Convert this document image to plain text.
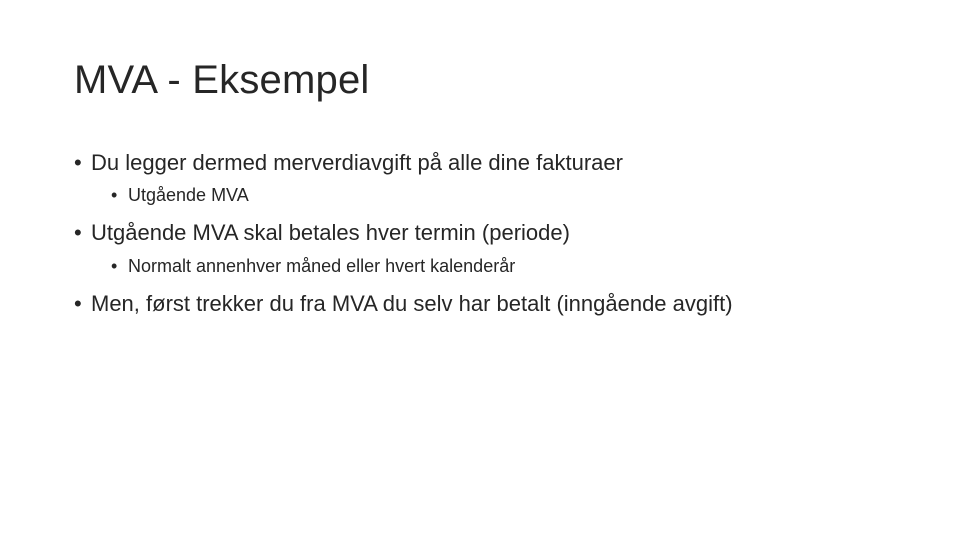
MVA - Eksempel
• Du legger dermed merverdiavgift på alle dine fakturaer
• Utgående MVA
• Utgående MVA skal betales hver termin (periode)
• Normalt annenhver måned eller hvert kalenderår
• Men, først trekker du fra MVA du selv har betalt (inngående avgift)
